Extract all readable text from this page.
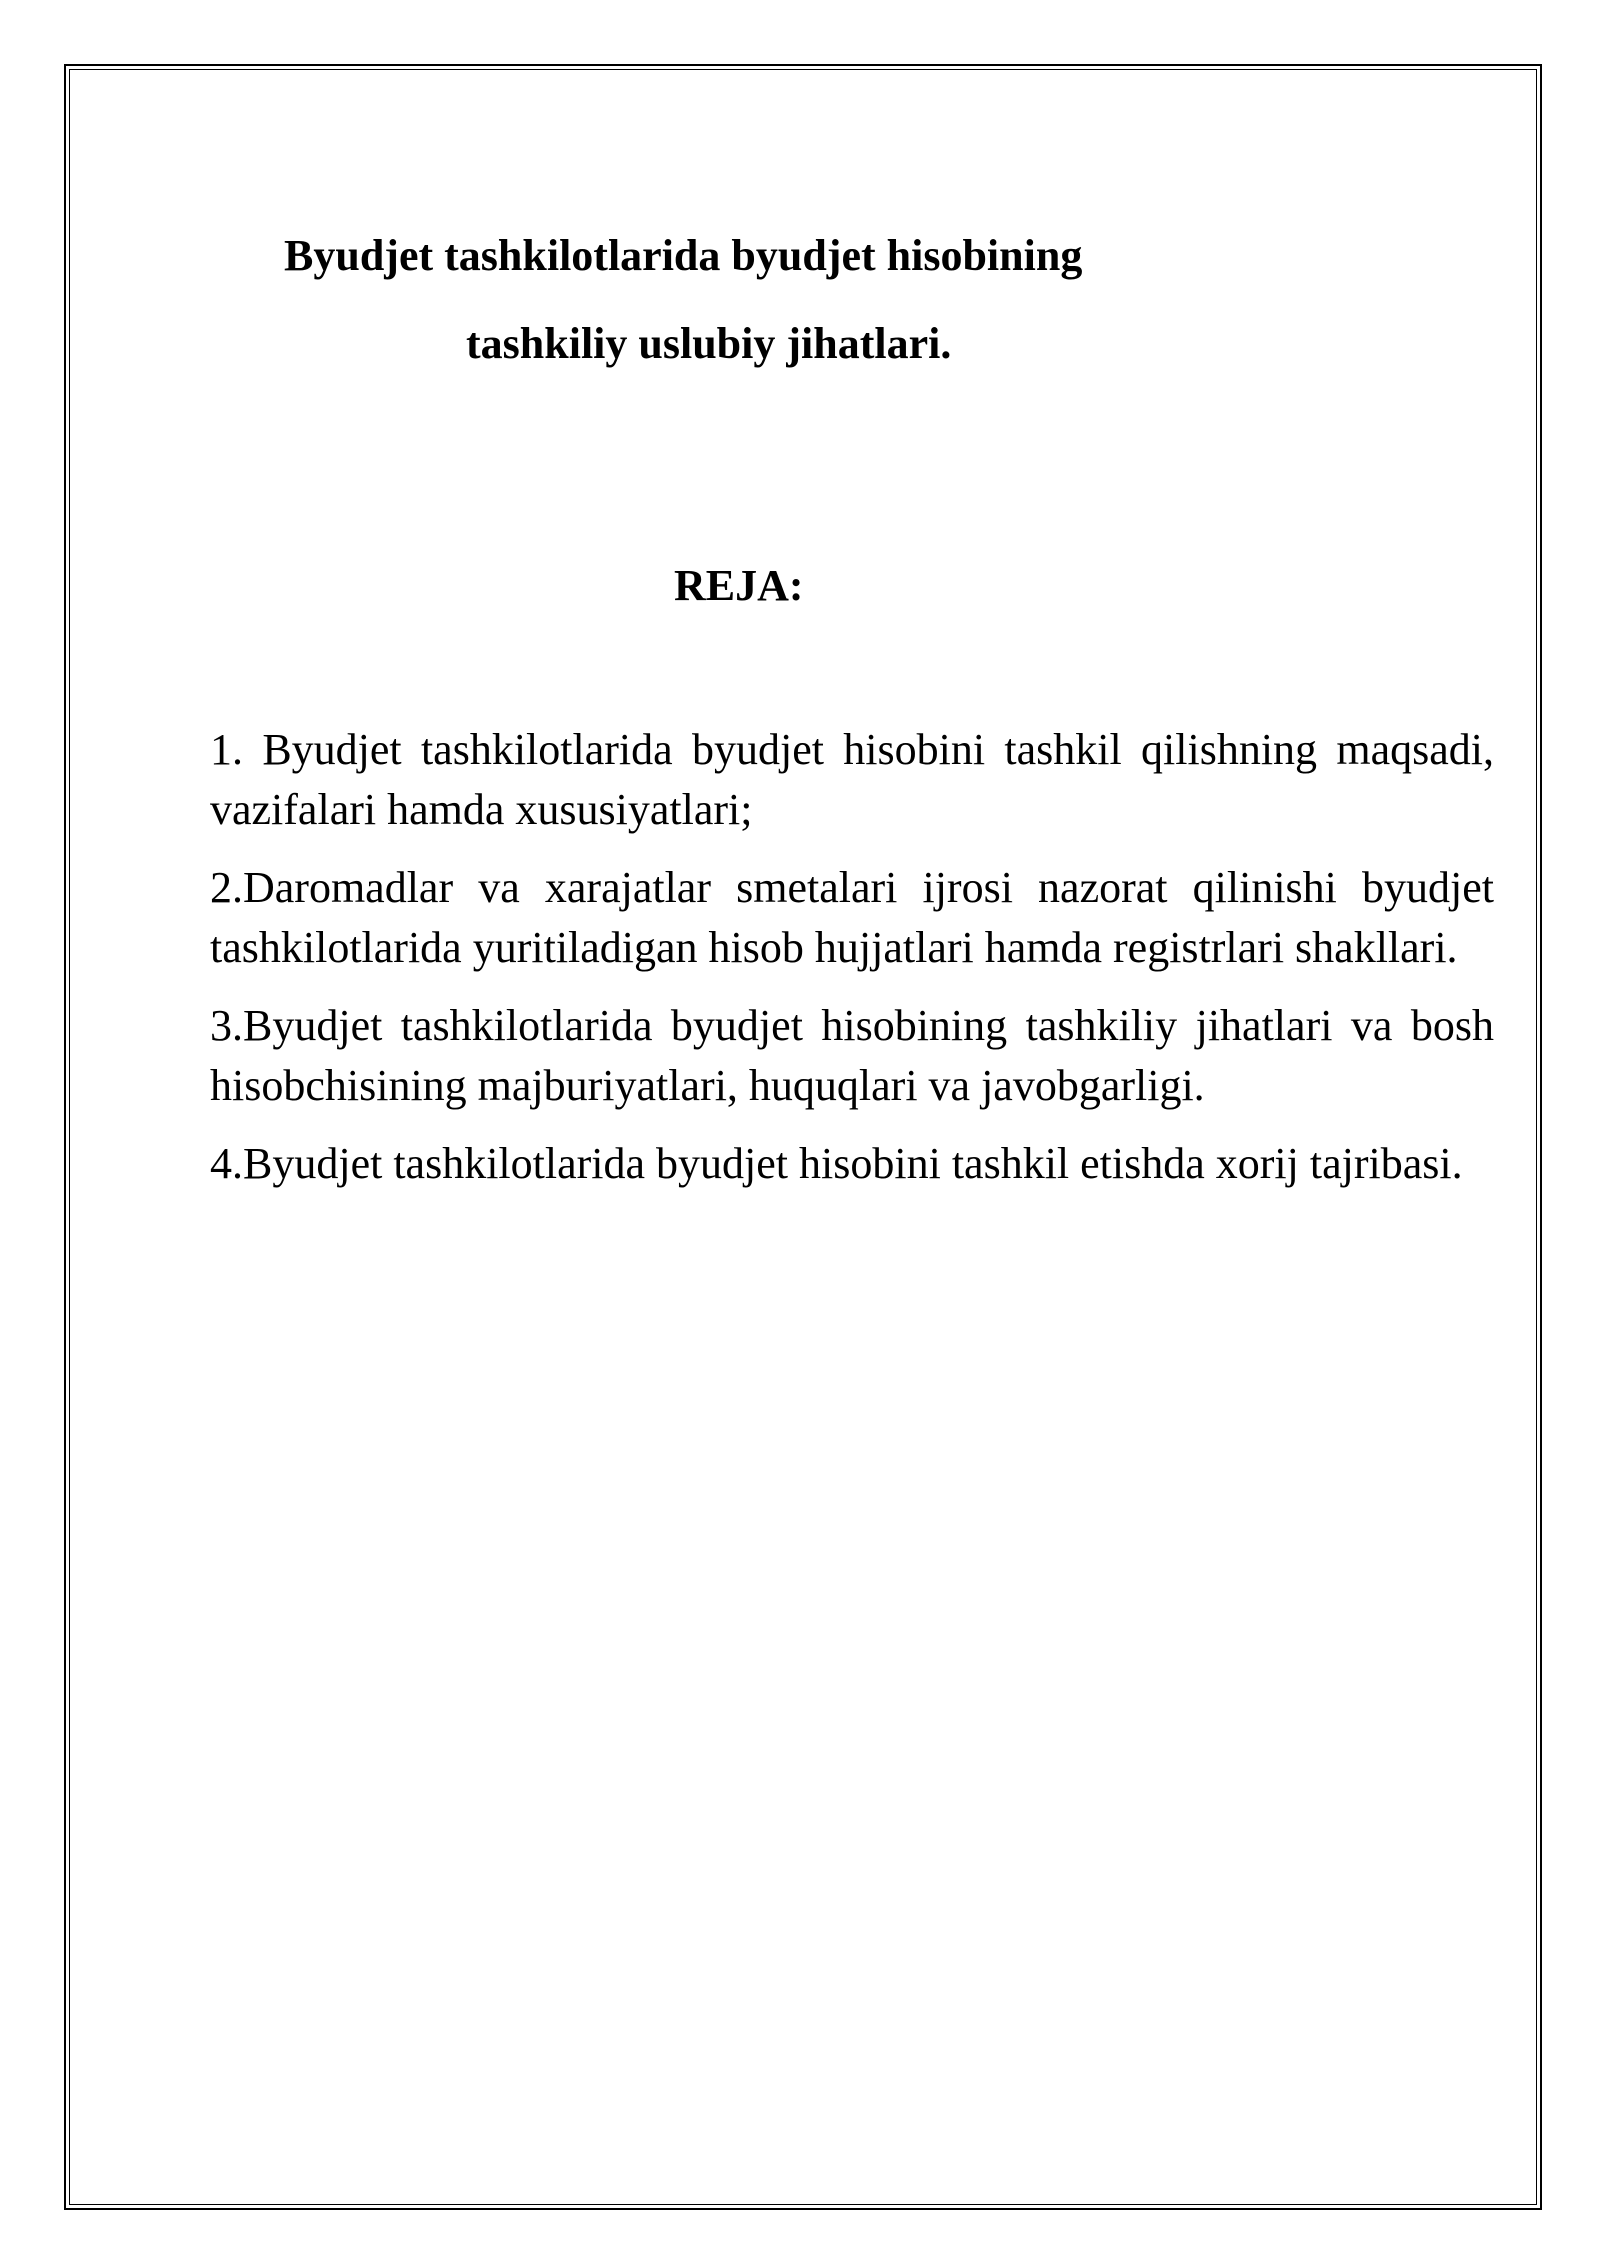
Byudjet tashkilotlarida byudjet hisobining
tashkiliy uslubiy jihatlari.
REJA:
1. Byudjet tashkilotlarida byudjet hisobini tashkil qilishning maqsadi, vazifalari hamda xususiyatlari;
2.Daromadlar va xarajatlar smetalari ijrosi nazorat qilinishi byudjet tashkilotlarida yuritiladigan hisob hujjatlari hamda registrlari shakllari.
3.Byudjet tashkilotlarida byudjet hisobining tashkiliy jihatlari va bosh hisobchisining majburiyatlari, huquqlari va javobgarligi.
4.Byudjet tashkilotlarida byudjet hisobini tashkil etishda xorij tajribasi.
